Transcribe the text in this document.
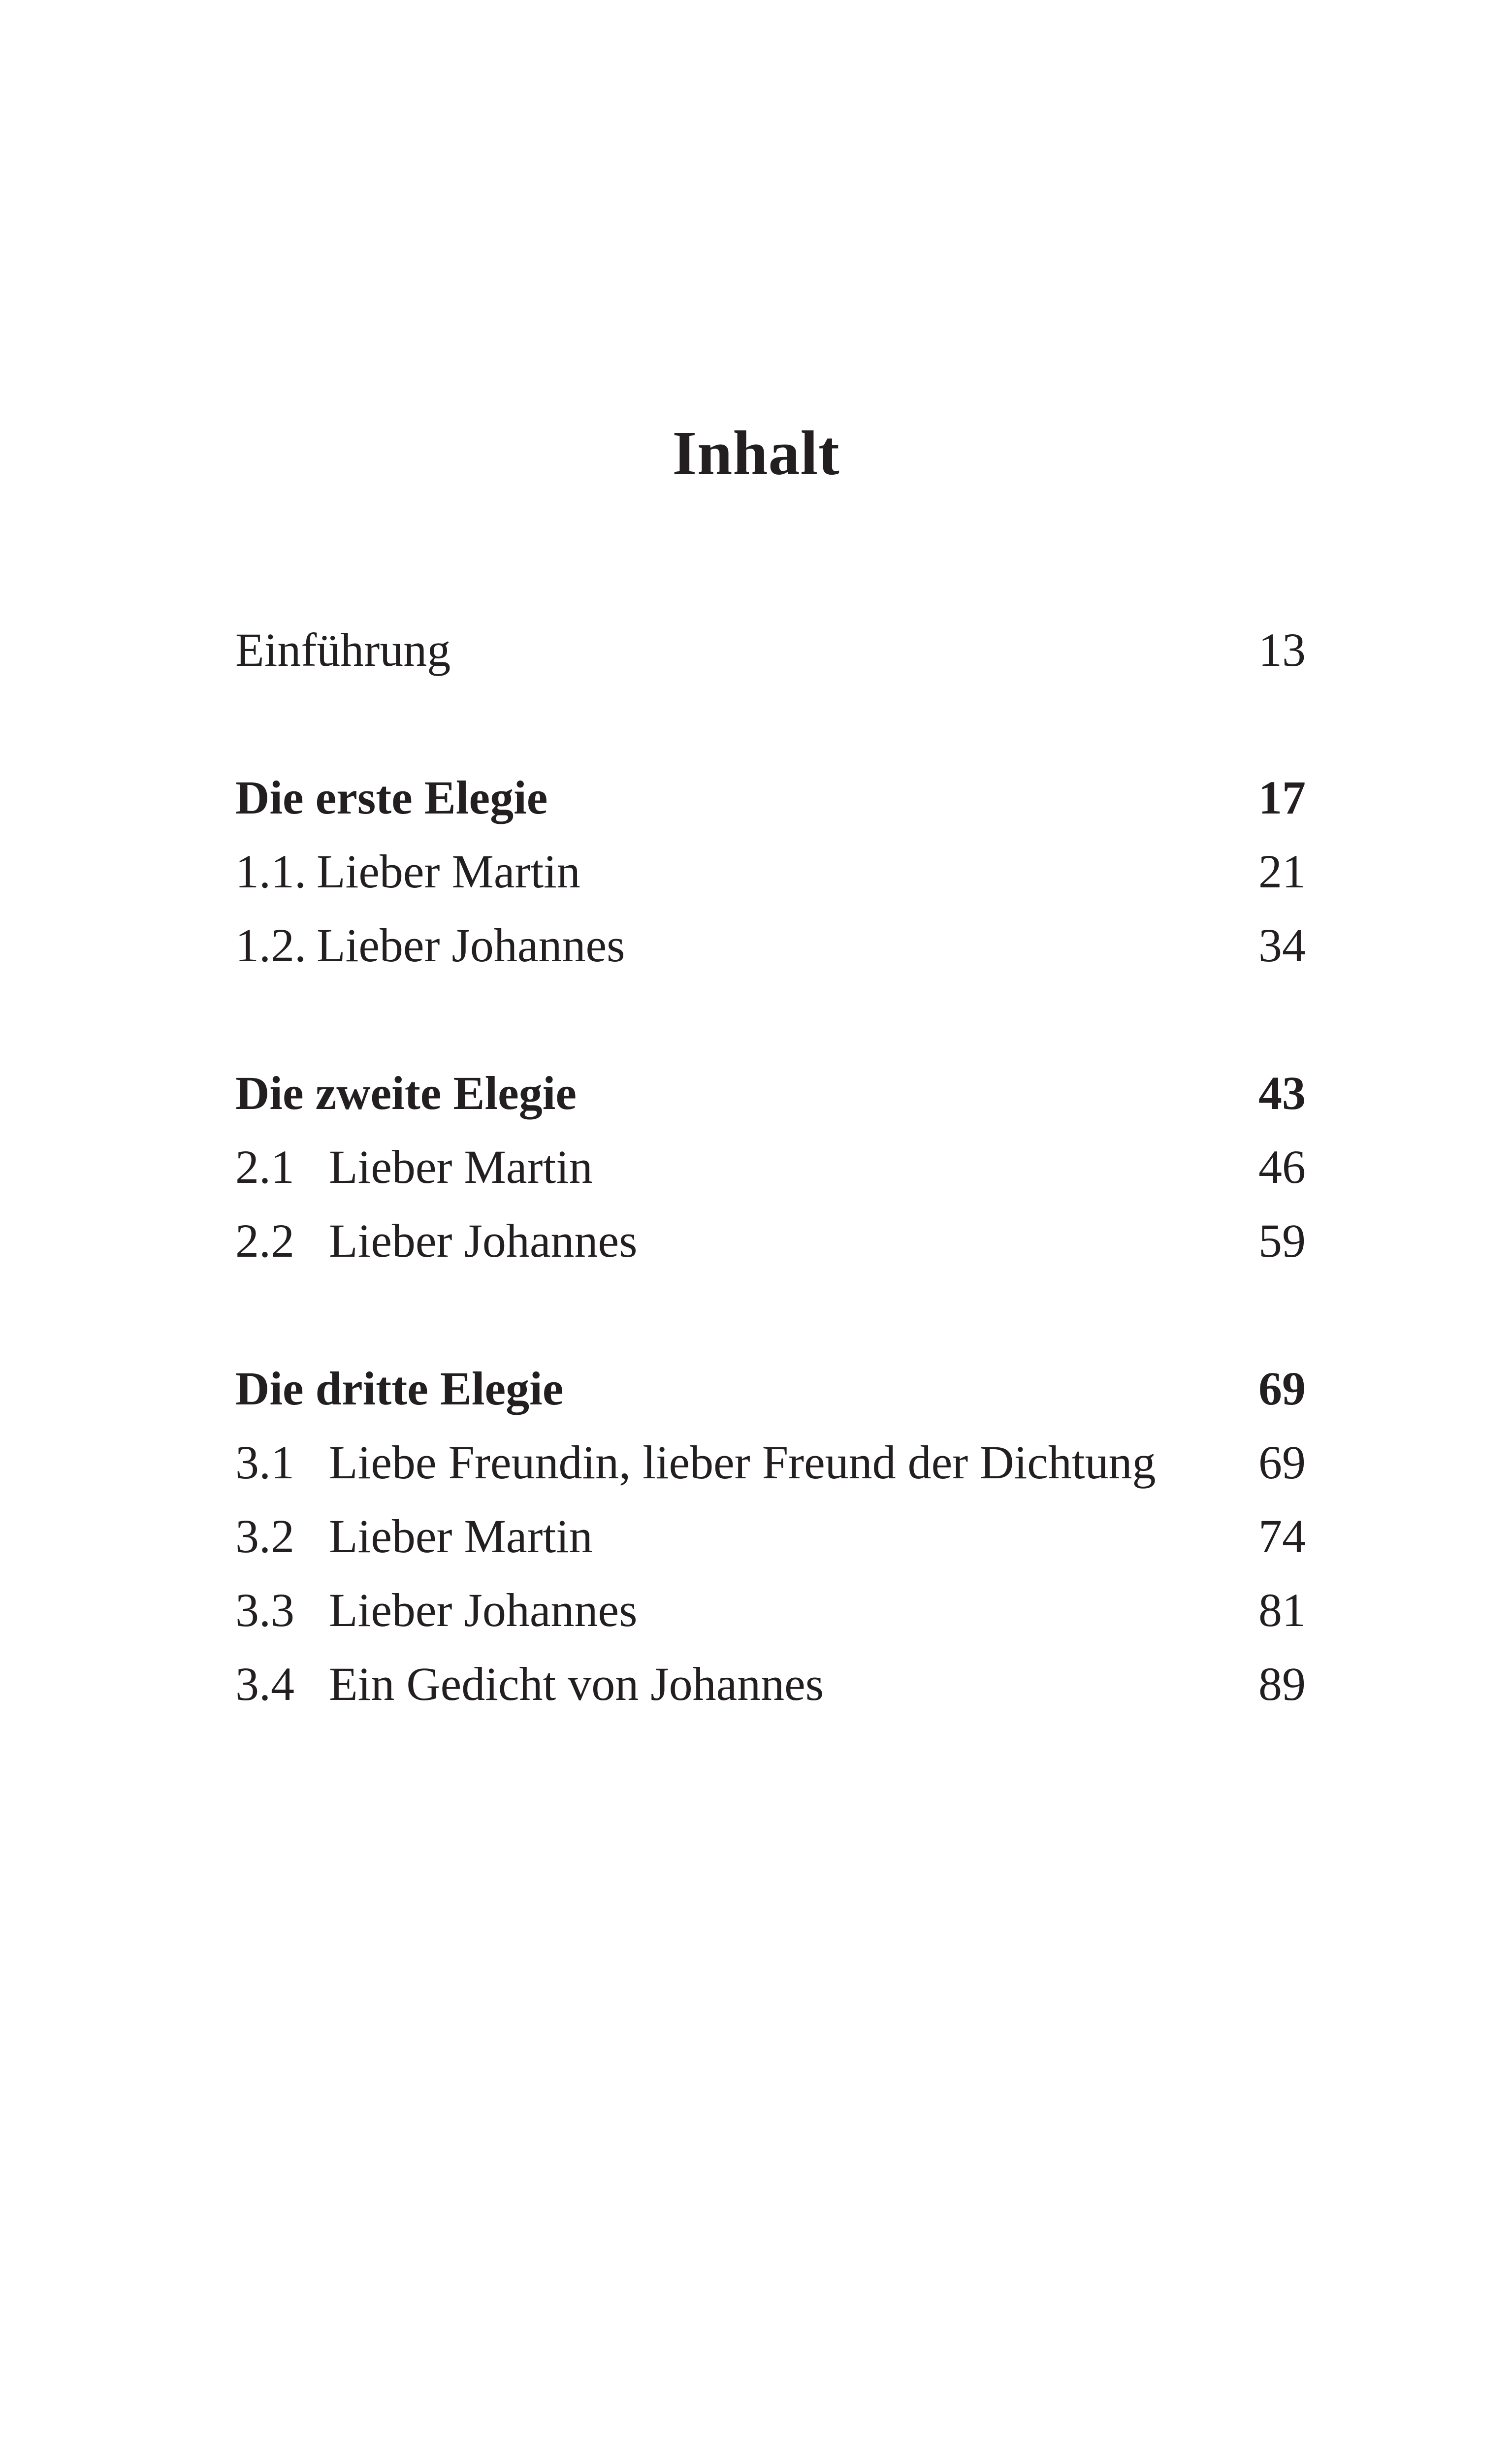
Inhalt
Einführung	13
Die erste Elegie	17
1.1. Lieber Martin	21
1.2. Lieber Johannes	34
Die zweite Elegie	43
2.1 Lieber Martin	46
2.2 Lieber Johannes	59
Die dritte Elegie	69
3.1 Liebe Freundin, lieber Freund der Dichtung 69
3.2 Lieber Martin	74
3.3 Lieber Johannes	81
3.4 Ein Gedicht von Johannes	89
